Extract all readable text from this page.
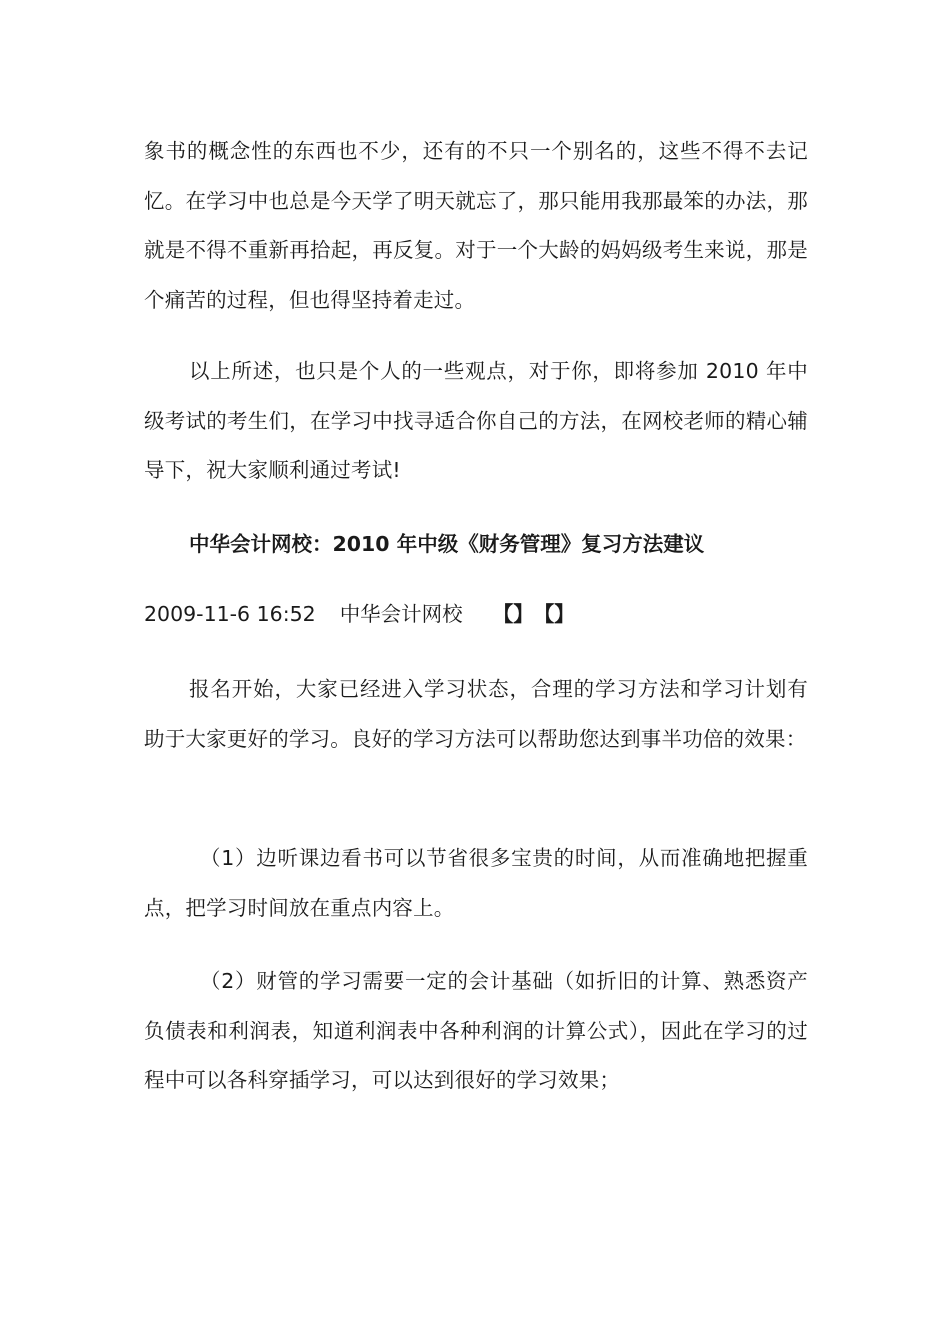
象书的概念性的东西也不少，还有的不只一个别名的，这些不得不去记忆。在学习中也总是今天学了明天就忘了，那只能用我那最笨的办法，那就是不得不重新再拾起，再反复。对于一个大龄的妈妈级考生来说，那是个痛苦的过程，但也得坚持着走过。

以上所述，也只是个人的一些观点，对于你，即将参加 2010 年中级考试的考生们，在学习中找寻适合你自己的方法，在网校老师的精心辅导下，祝大家顺利通过考试!

中华会计网校：2010 年中级《财务管理》复习方法建议

2009-11-6 16:52 中华会计网校 【】【】

报名开始，大家已经进入学习状态，合理的学习方法和学习计划有助于大家更好的学习。良好的学习方法可以帮助您达到事半功倍的效果：

（1）边听课边看书可以节省很多宝贵的时间，从而准确地把握重点，把学习时间放在重点内容上。

（2）财管的学习需要一定的会计基础（如折旧的计算、熟悉资产负债表和利润表，知道利润表中各种利润的计算公式），因此在学习的过程中可以各科穿插学习，可以达到很好的学习效果；
